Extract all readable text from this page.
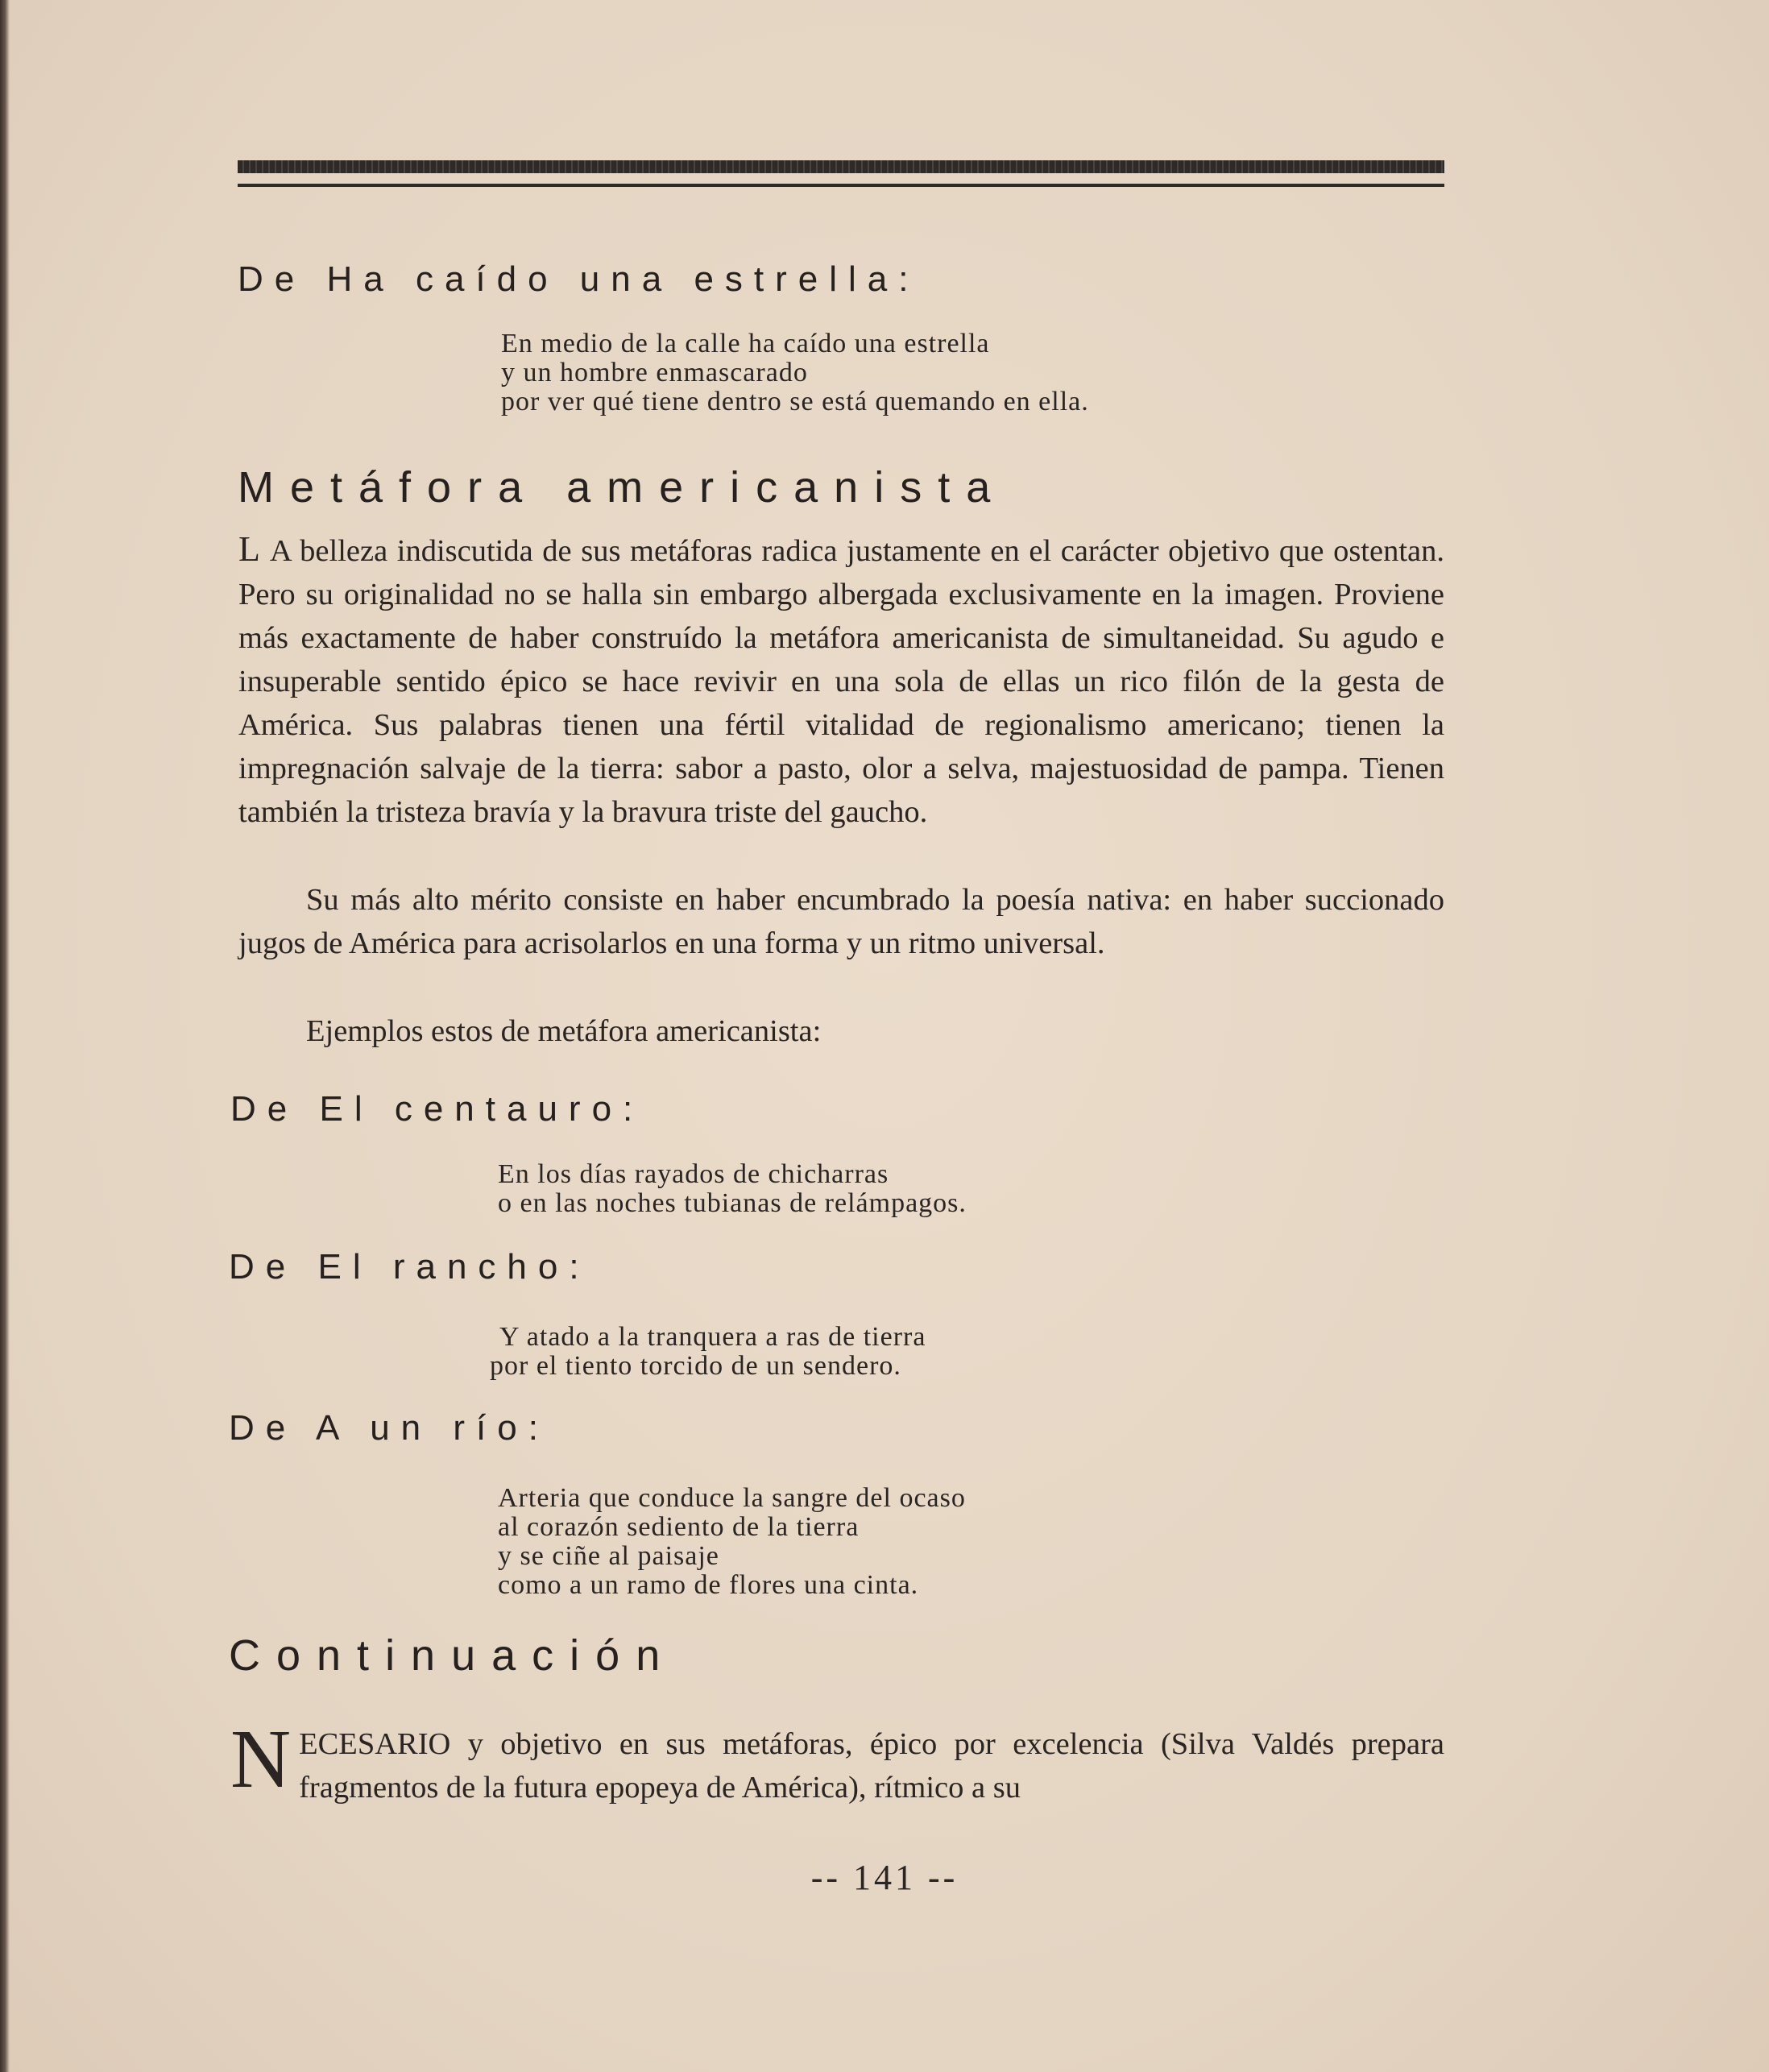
De Ha caído una estrella:
En medio de la calle ha caído una estrella
y un hombre enmascarado
por ver qué tiene dentro se está quemando en ella.
Metáfora americanista

L A belleza indiscutida de sus metáforas radica justamente en el carácter objetivo que ostentan. Pero su originalidad no se halla sin embargo albergada exclusivamente en la imagen. Proviene más exactamente de haber construído la metáfora americanista de simultaneidad. Su agudo e insuperable sentido épico se hace revivir en una sola de ellas un rico filón de la gesta de América. Sus palabras tienen una fértil vitalidad de regionalismo americano; tienen la impregnación salvaje de la tierra: sabor a pasto, olor a selva, majestuosidad de pampa. Tienen también la tristeza bravía y la bravura triste del gaucho.

Su más alto mérito consiste en haber encumbrado la poesía nativa: en haber succionado jugos de América para acrisolarlos en una forma y un ritmo universal.

Ejemplos estos de metáfora americanista:

De El centauro:
En los días rayados de chicharras
o en las noches tubianas de relámpagos.
De El rancho:
Y atado a la tranquera a ras de tierra
por el tiento torcido de un sendero.
De A un río:
Arteria que conduce la sangre del ocaso
al corazón sediento de la tierra
y se ciñe al paisaje
como a un ramo de flores una cinta.
Continuación

NECESARIO y objetivo en sus metáforas, épico por excelencia (Silva Valdés prepara fragmentos de la futura epopeya de América), rítmico a su

-- 141 --
